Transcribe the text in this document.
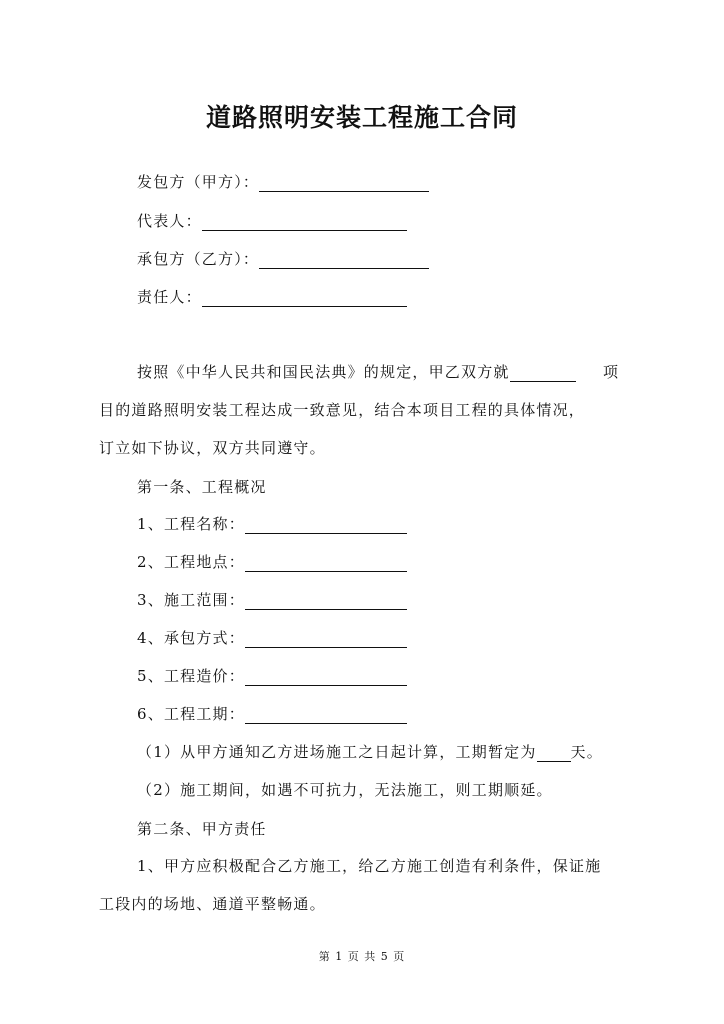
道路照明安装工程施工合同
发包方（甲方）：
代表人：
承包方（乙方）：
责任人：
按照《中华人民共和国民法典》的规定，甲乙双方就	项
目的道路照明安装工程达成一致意见，结合本项目工程的具体情况，
订立如下协议，双方共同遵守。
第一条、工程概况
1、工程名称：
2、工程地点：
3、施工范围：
4、承包方式：
5、工程造价：
6、工程工期：
（1）从甲方通知乙方进场施工之日起计算，工期暂定为 天。
（2）施工期间，如遇不可抗力，无法施工，则工期顺延。
第二条、甲方责任
1、甲方应积极配合乙方施工，给乙方施工创造有利条件，保证施
工段内的场地、通道平整畅通。
第 1 页 共 5 页
